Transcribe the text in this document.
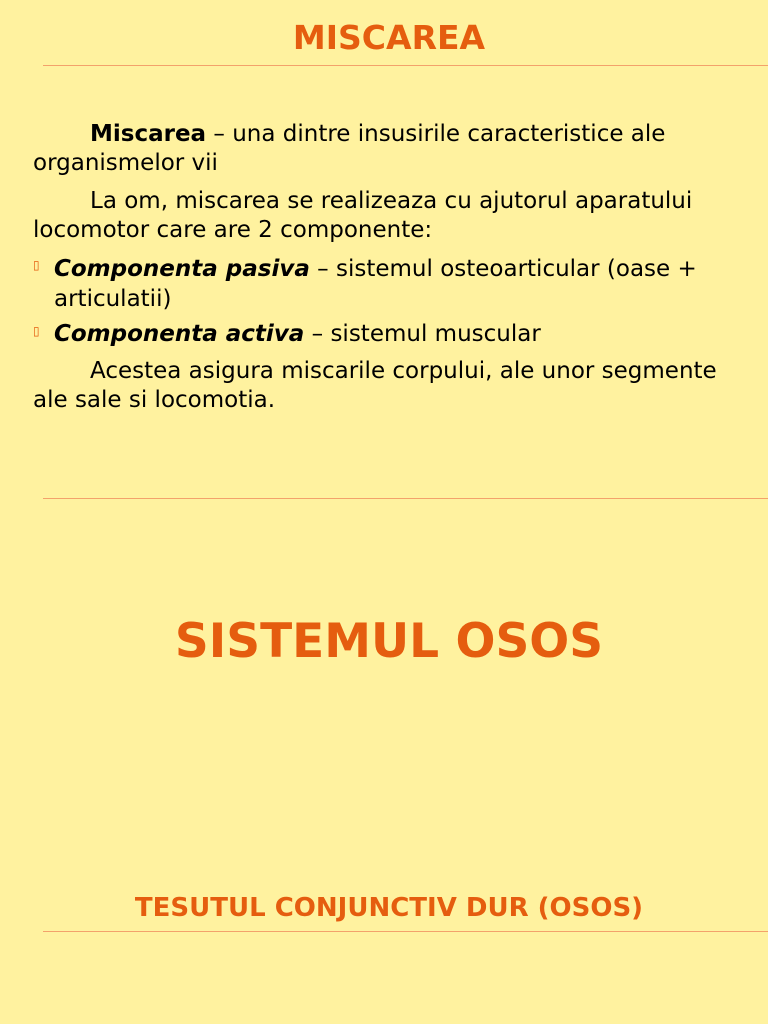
MISCAREA
Miscarea – una dintre insusirile caracteristice ale organismelor vii
La om, miscarea se realizeaza cu ajutorul aparatului locomotor care are 2 componente:
▯ Componenta pasiva – sistemul osteoarticular (oase + articulatii)
▯ Componenta activa – sistemul muscular
Acestea asigura miscarile corpului, ale unor segmente ale sale si locomotia.
SISTEMUL OSOS
TESUTUL CONJUNCTIV DUR (OSOS)
